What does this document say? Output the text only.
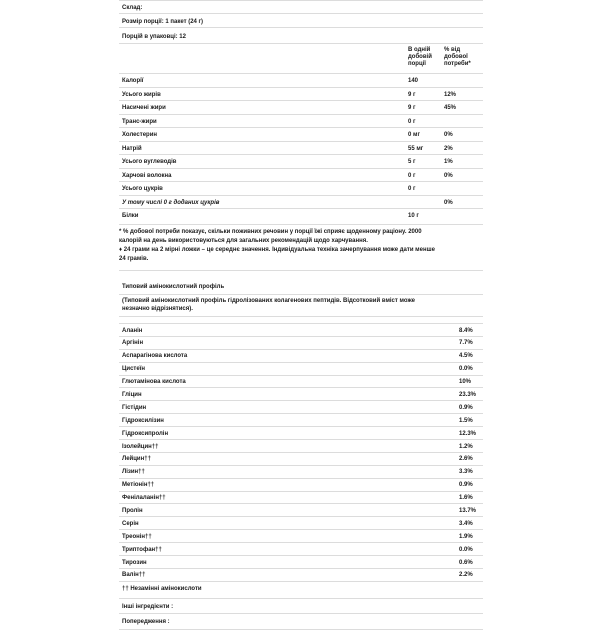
Склад:
Розмір порції: 1 пакет (24 г)
Порцій в упаковці: 12
В одній добовій порції
% від добової потреби*
Калорії	140
Усього жирів	9 г	12%
Насичені жири	9 г	45%
Транс-жири	0 г
Холестерин	0 мг	0%
Натрій	55 мг	2%
Усього вуглеводів	5 г	1%
Харчові волокна	0 г	0%
Усього цукрів	0 г
У тому числі 0 г доданих цукрів	0%
Білки	10 г
* % добової потреби показує, скільки поживних речовин у порції їжі сприяє щоденному раціону. 2000 калорій на день використовуються для загальних рекомендацій щодо харчування.
♦ 24 грами на 2 мірні ложки – це середнє значення. Індивідуальна техніка зачерпування може дати менше 24 грамів.
Типовий амінокислотний профіль
(Типовий амінокислотний профіль гідролізованих колагенових пептидів. Відсотковий вміст може незначно відрізнятися).
Аланін	8.4%
Аргінін	7.7%
Аспарагінова кислота	4.5%
Цистеїн	0.0%
Глютамінова кислота	10%
Гліцин	23.3%
Гістідин	0.9%
Гідроксилізин	1.5%
Гідроксипролін	12.3%
Ізолейцин††	1.2%
Лейцин††	2.6%
Лізин††	3.3%
Метіонін††	0.9%
Фенілаланін††	1.6%
Пролін	13.7%
Серін	3.4%
Треонін††	1.9%
Триптофан††	0.0%
Тирозин	0.6%
Валін††	2.2%
†† Незамінні амінокислоти
Інші інгредієнти :
Попередження :
